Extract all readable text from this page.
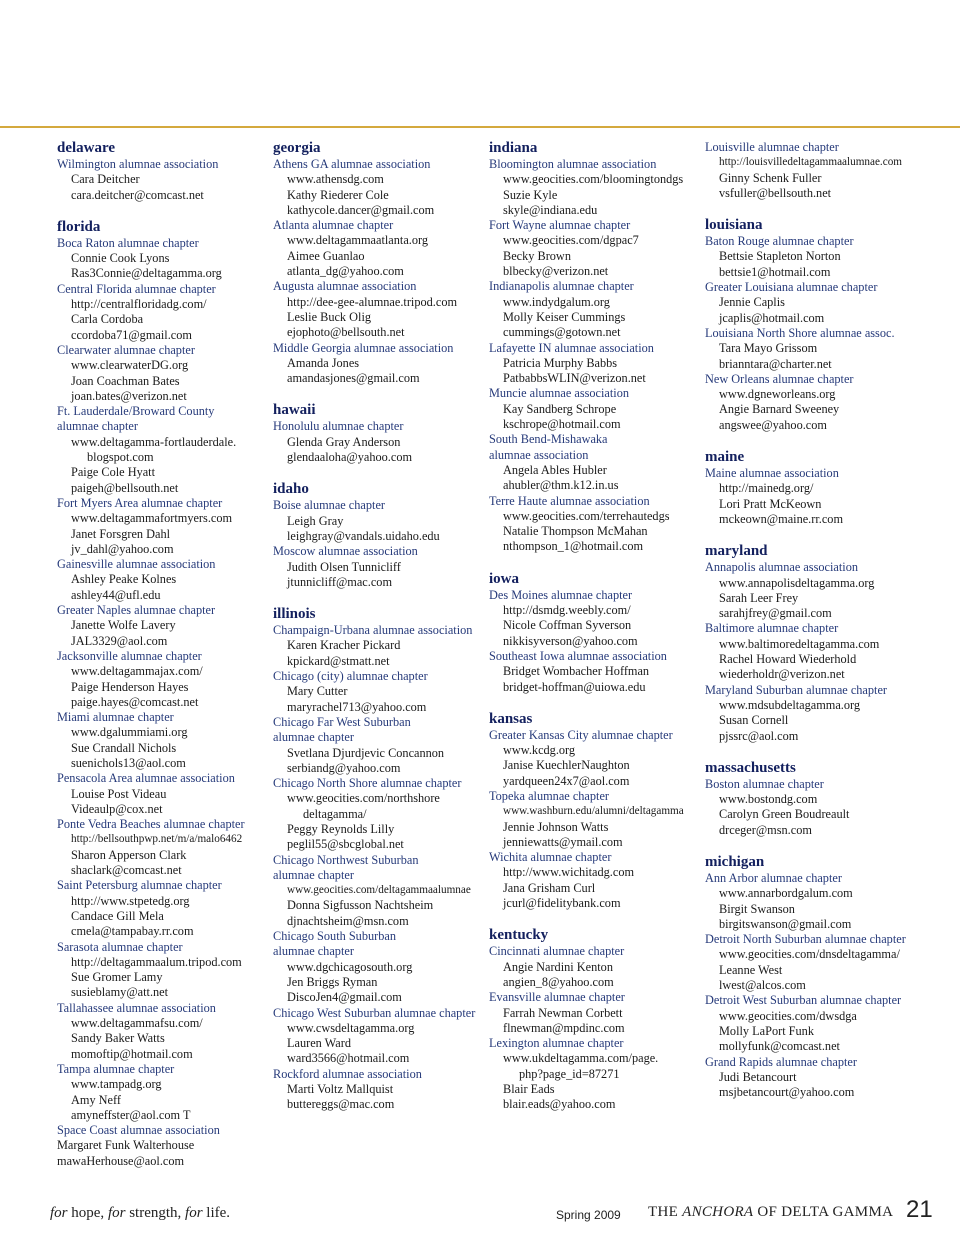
delaware
Wilmington alumnae association
Cara Deitcher
cara.deitcher@comcast.net
florida
Boca Raton alumnae chapter
Connie Cook Lyons
Ras3Connie@deltagamma.org
Central Florida alumnae chapter
http://centralfloridadg.com/
Carla Cordoba
ccordoba71@gmail.com
Clearwater alumnae chapter
www.clearwaterDG.org
Joan Coachman Bates
joan.bates@verizon.net
Ft. Lauderdale/Broward County
alumnae chapter
www.deltagamma-fortlauderdale.
blogspot.com
Paige Cole Hyatt
paigeh@bellsouth.net
Fort Myers Area alumnae chapter
www.deltagammafortmyers.com
Janet Forsgren Dahl
jv_dahl@yahoo.com
Gainesville alumnae association
Ashley Peake Kolnes
ashley44@ufl.edu
Greater Naples alumnae chapter
Janette Wolfe Lavery
JAL3329@aol.com
Jacksonville alumnae chapter
www.deltagammajax.com/
Paige Henderson Hayes
paige.hayes@comcast.net
Miami alumnae chapter
www.dgalummiami.org
Sue Crandall Nichols
suenichols13@aol.com
Pensacola Area alumnae association
Louise Post Videau
Videaulp@cox.net
Ponte Vedra Beaches alumnae chapter
http://bellsouthpwp.net/m/a/malo6462
Sharon Apperson Clark
shaclark@comcast.net
Saint Petersburg alumnae chapter
http://www.stpetedg.org
Candace Gill Mela
cmela@tampabay.rr.com
Sarasota alumnae chapter
http://deltagammaalum.tripod.com
Sue Gromer Lamy
susieblamy@att.net
Tallahassee alumnae association
www.deltagammafsu.com/
Sandy Baker Watts
momoftip@hotmail.com
Tampa alumnae chapter
www.tampadg.org
Amy Neff
amyneffster@aol.com T
Space Coast alumnae association
Margaret Funk Walterhouse
mawaHerhouse@aol.com
georgia
Athens GA alumnae association
www.athensdg.com
Kathy Riederer Cole
kathycole.dancer@gmail.com
Atlanta alumnae chapter
www.deltagammaatlanta.org
Aimee Guanlao
atlanta_dg@yahoo.com
Augusta alumnae association
http://dee-gee-alumnae.tripod.com
Leslie Buck Olig
ejophoto@bellsouth.net
Middle Georgia alumnae association
Amanda Jones
amandasjones@gmail.com
hawaii
Honolulu alumnae chapter
Glenda Gray Anderson
glendaaloha@yahoo.com
idaho
Boise alumnae chapter
Leigh Gray
leighgray@vandals.uidaho.edu
Moscow alumnae association
Judith Olsen Tunnicliff
jtunnicliff@mac.com
illinois
Champaign-Urbana alumnae association
Karen Kracher Pickard
kpickard@stmatt.net
Chicago (city) alumnae chapter
Mary Cutter
maryrachel713@yahoo.com
Chicago Far West Suburban
alumnae chapter
Svetlana Djurdjevic Concannon
serbiandg@yahoo.com
Chicago North Shore alumnae chapter
www.geocities.com/northshore
deltagamma/
Peggy Reynolds Lilly
peglil55@sbcglobal.net
Chicago Northwest Suburban
alumnae chapter
www.geocities.com/deltagammaalumnae
Donna Sigfusson Nachtsheim
djnachtsheim@msn.com
Chicago South Suburban
alumnae chapter
www.dgchicagosouth.org
Jen Briggs Ryman
DiscoJen4@gmail.com
Chicago West Suburban alumnae chapter
www.cwsdeltagamma.org
Lauren Ward
ward3566@hotmail.com
Rockford alumnae association
Marti Voltz Mallquist
buttereggs@mac.com
indiana
Bloomington alumnae association
www.geocities.com/bloomingtondgs
Suzie Kyle
skyle@indiana.edu
Fort Wayne alumnae chapter
www.geocities.com/dgpac7
Becky Brown
blbecky@verizon.net
Indianapolis alumnae chapter
www.indydgalum.org
Molly Keiser Cummings
cummings@gotown.net
Lafayette IN alumnae association
Patricia Murphy Babbs
PatbabbsWLIN@verizon.net
Muncie alumnae association
Kay Sandberg Schrope
kschrope@hotmail.com
South Bend-Mishawaka
alumnae association
Angela Ables Hubler
ahubler@thm.k12.in.us
Terre Haute alumnae association
www.geocities.com/terrehautedgs
Natalie Thompson McMahan
nthompson_1@hotmail.com
iowa
Des Moines alumnae chapter
http://dsmdg.weebly.com/
Nicole Coffman Syverson
nikkisyverson@yahoo.com
Southeast Iowa alumnae association
Bridget Wombacher Hoffman
bridget-hoffman@uiowa.edu
kansas
Greater Kansas City alumnae chapter
www.kcdg.org
Janise KuechlerNaughton
yardqueen24x7@aol.com
Topeka alumnae chapter
www.washburn.edu/alumni/deltagamma
Jennie Johnson Watts
jenniewatts@ymail.com
Wichita alumnae chapter
http://www.wichitadg.com
Jana Grisham Curl
jcurl@fidelitybank.com
kentucky
Cincinnati alumnae chapter
Angie Nardini Kenton
angien_8@yahoo.com
Evansville alumnae chapter
Farrah Newman Corbett
flnewman@mpdinc.com
Lexington alumnae chapter
www.ukdeltagamma.com/page.
php?page_id=87271
Blair Eads
blair.eads@yahoo.com
Louisville alumnae chapter
http://louisvilledeltagammaalumnae.com
Ginny Schenk Fuller
vsfuller@bellsouth.net
louisiana
Baton Rouge alumnae chapter
Bettsie Stapleton Norton
bettsie1@hotmail.com
Greater Louisiana alumnae chapter
Jennie Caplis
jcaplis@hotmail.com
Louisiana North Shore alumnae assoc.
Tara Mayo Grissom
brianntara@charter.net
New Orleans alumnae chapter
www.dgneworleans.org
Angie Barnard Sweeney
angswee@yahoo.com
maine
Maine alumnae association
http://mainedg.org/
Lori Pratt McKeown
mckeown@maine.rr.com
maryland
Annapolis alumnae association
www.annapolisdeltagamma.org
Sarah Leer Frey
sarahjfrey@gmail.com
Baltimore alumnae chapter
www.baltimoredeltagamma.com
Rachel Howard Wiederhold
wiederholdr@verizon.net
Maryland Suburban alumnae chapter
www.mdsubdeltagamma.org
Susan Cornell
pjssrc@aol.com
massachusetts
Boston alumnae chapter
www.bostondg.com
Carolyn Green Boudreault
drceger@msn.com
michigan
Ann Arbor alumnae chapter
www.annarbordgalum.com
Birgit Swanson
birgitswanson@gmail.com
Detroit North Suburban alumnae chapter
www.geocities.com/dnsdeltagamma/
Leanne West
lwest@alcos.com
Detroit West Suburban alumnae chapter
www.geocities.com/dwsdga
Molly LaPort Funk
mollyfunk@comcast.net
Grand Rapids alumnae chapter
Judi Betancourt
msjbetancourt@yahoo.com
for hope, for strength, for life.	Spring 2009 THE ANCHORA OF DELTA GAMMA 21
